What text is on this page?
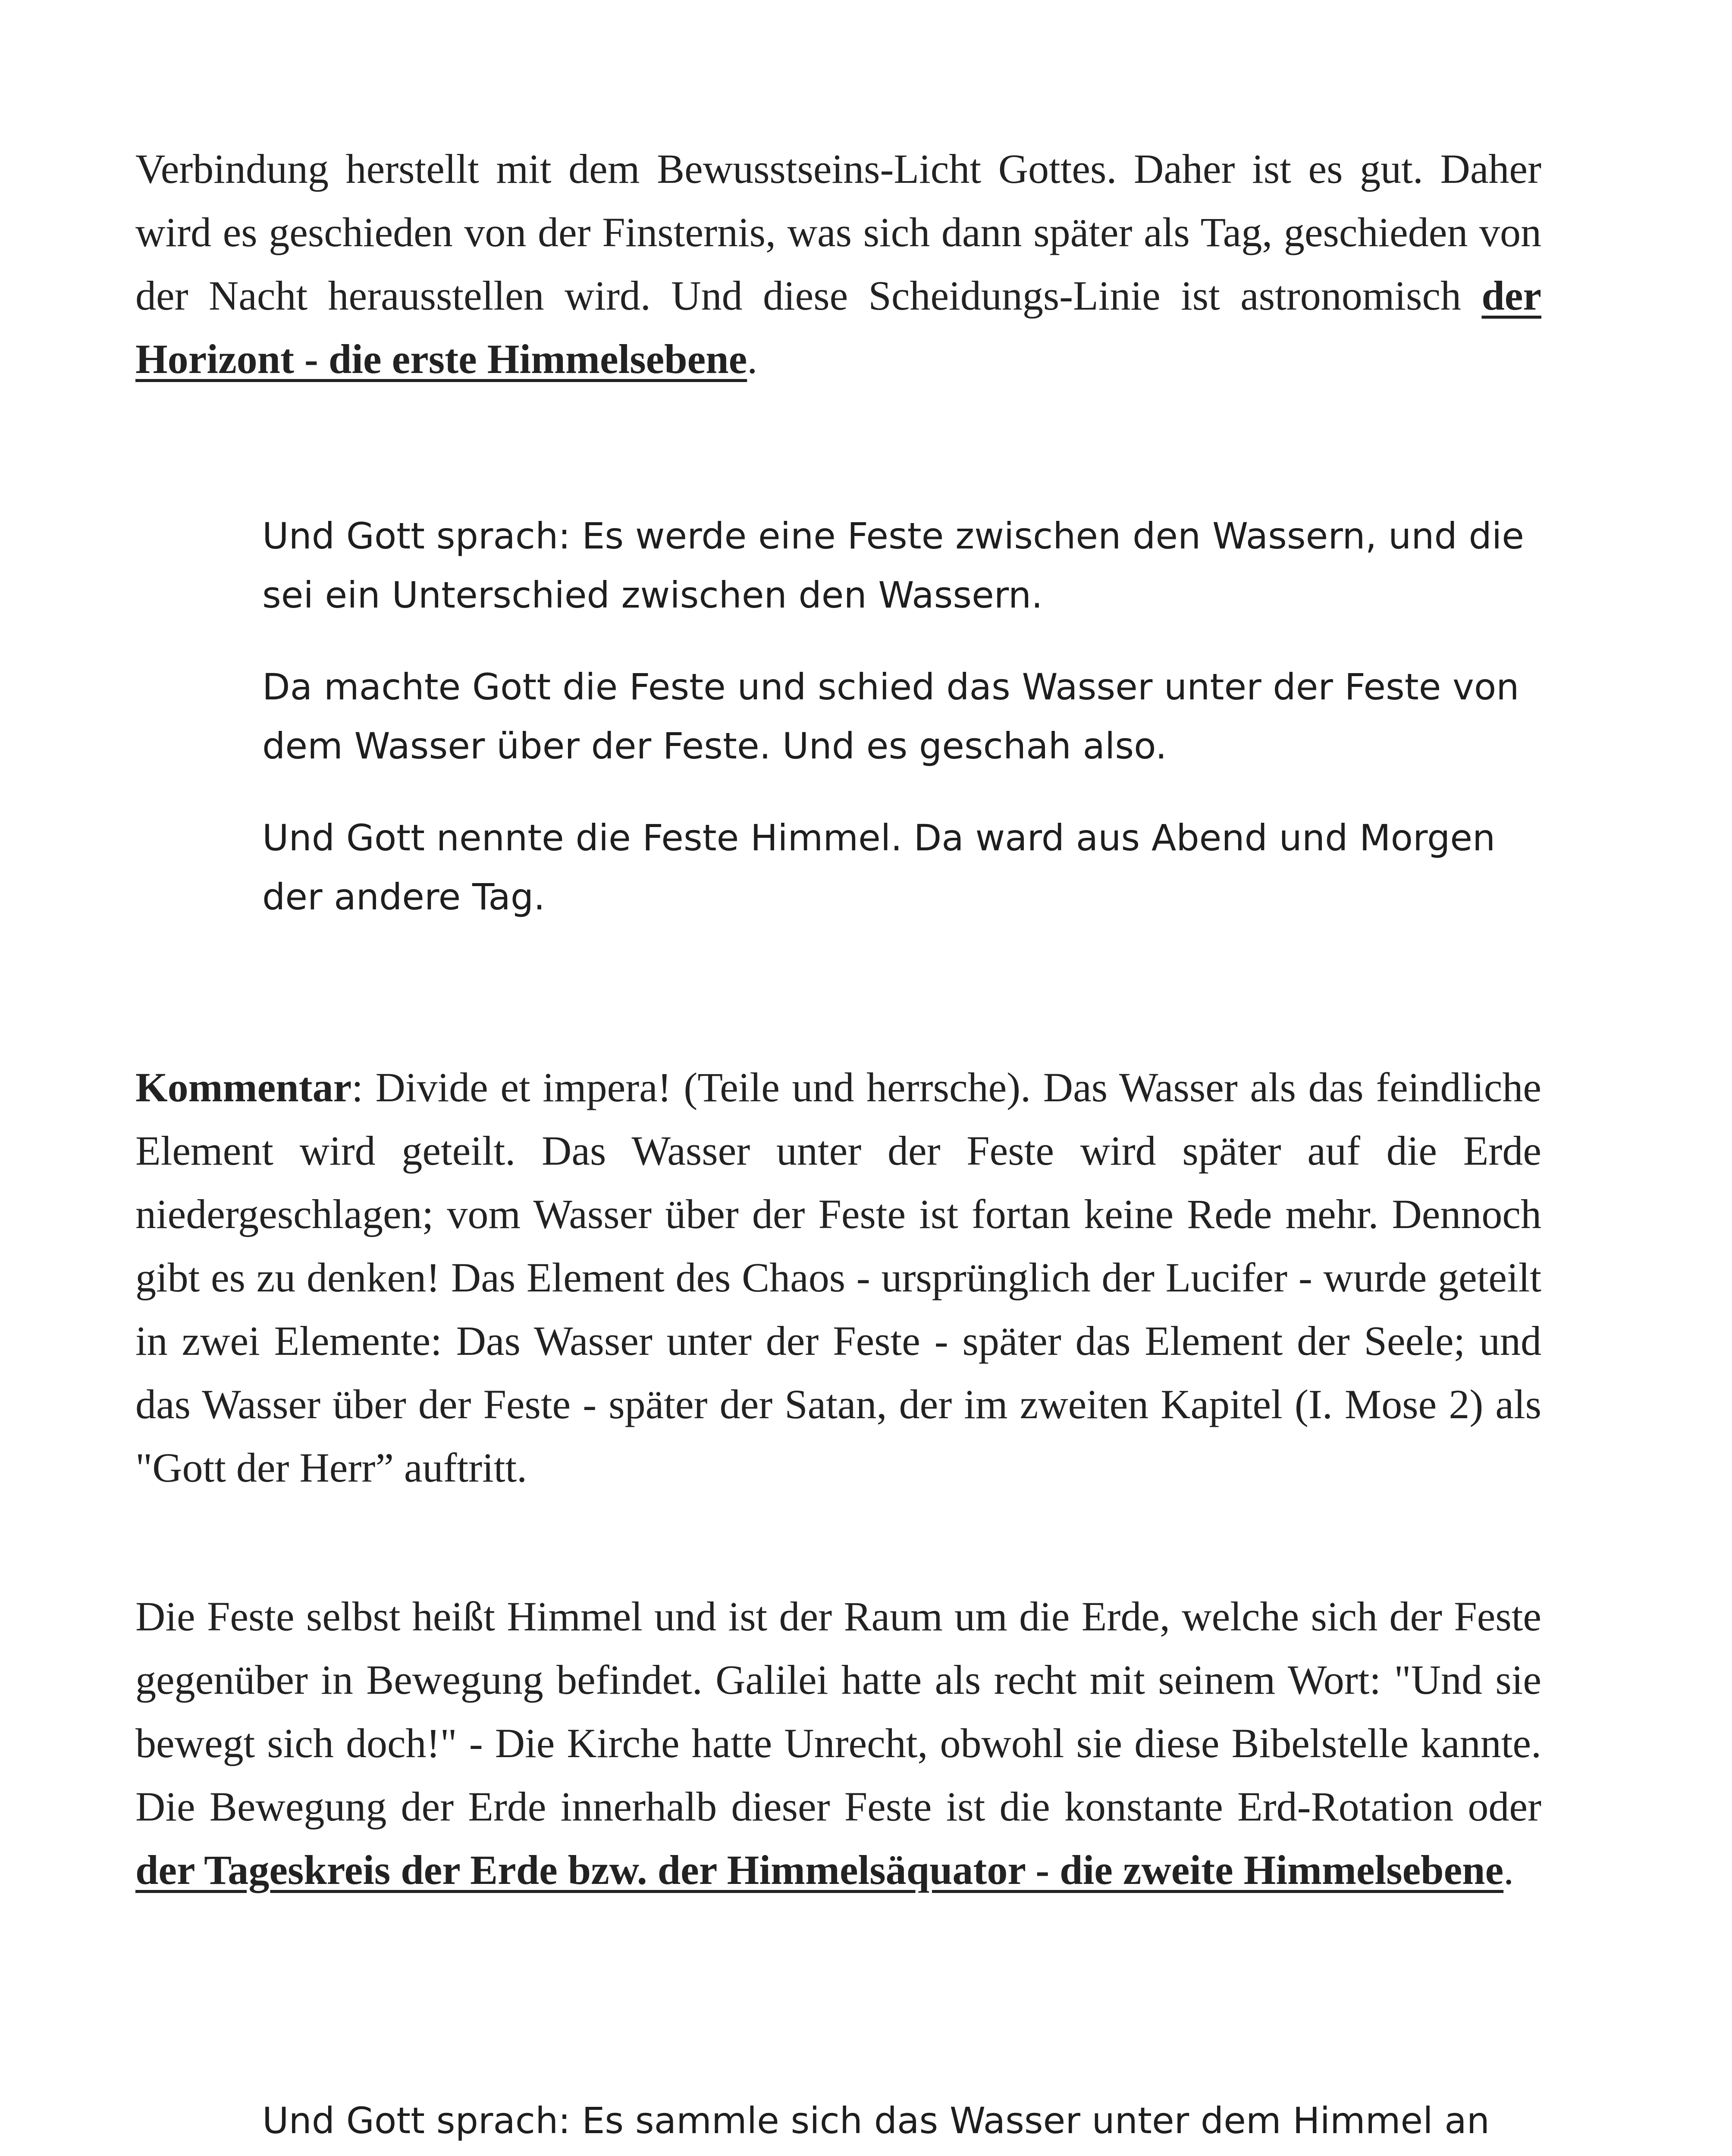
Verbindung herstellt mit dem Bewusstseins-Licht Gottes. Daher ist es gut. Daher wird es geschieden von der Finsternis, was sich dann später als Tag, geschieden von der Nacht herausstellen wird. Und diese Scheidungs-Linie ist astronomisch der Horizont - die erste Himmelsebene.

Und Gott sprach: Es werde eine Feste zwischen den Wassern, und die sei ein Unterschied zwischen den Wassern.

Da machte Gott die Feste und schied das Wasser unter der Feste von dem Wasser über der Feste. Und es geschah also.

Und Gott nennte die Feste Himmel. Da ward aus Abend und Morgen der andere Tag.

Kommentar: Divide et impera! (Teile und herrsche). Das Wasser als das feindliche Element wird geteilt. Das Wasser unter der Feste wird später auf die Erde niedergeschlagen; vom Wasser über der Feste ist fortan keine Rede mehr. Dennoch gibt es zu denken! Das Element des Chaos - ursprünglich der Lucifer - wurde geteilt in zwei Elemente: Das Wasser unter der Feste - später das Element der Seele; und das Wasser über der Feste - später der Satan, der im zweiten Kapitel (I. Mose 2) als "Gott der Herr” auftritt.

Die Feste selbst heißt Himmel und ist der Raum um die Erde, welche sich der Feste gegenüber in Bewegung befindet. Galilei hatte als recht mit seinem Wort: "Und sie bewegt sich doch!" - Die Kirche hatte Unrecht, obwohl sie diese Bibelstelle kannte. Die Bewegung der Erde innerhalb dieser Feste ist die konstante Erd-Rotation oder der Tageskreis der Erde bzw. der Himmelsäquator - die zweite Himmelsebene.

Und Gott sprach: Es sammle sich das Wasser unter dem Himmel an
